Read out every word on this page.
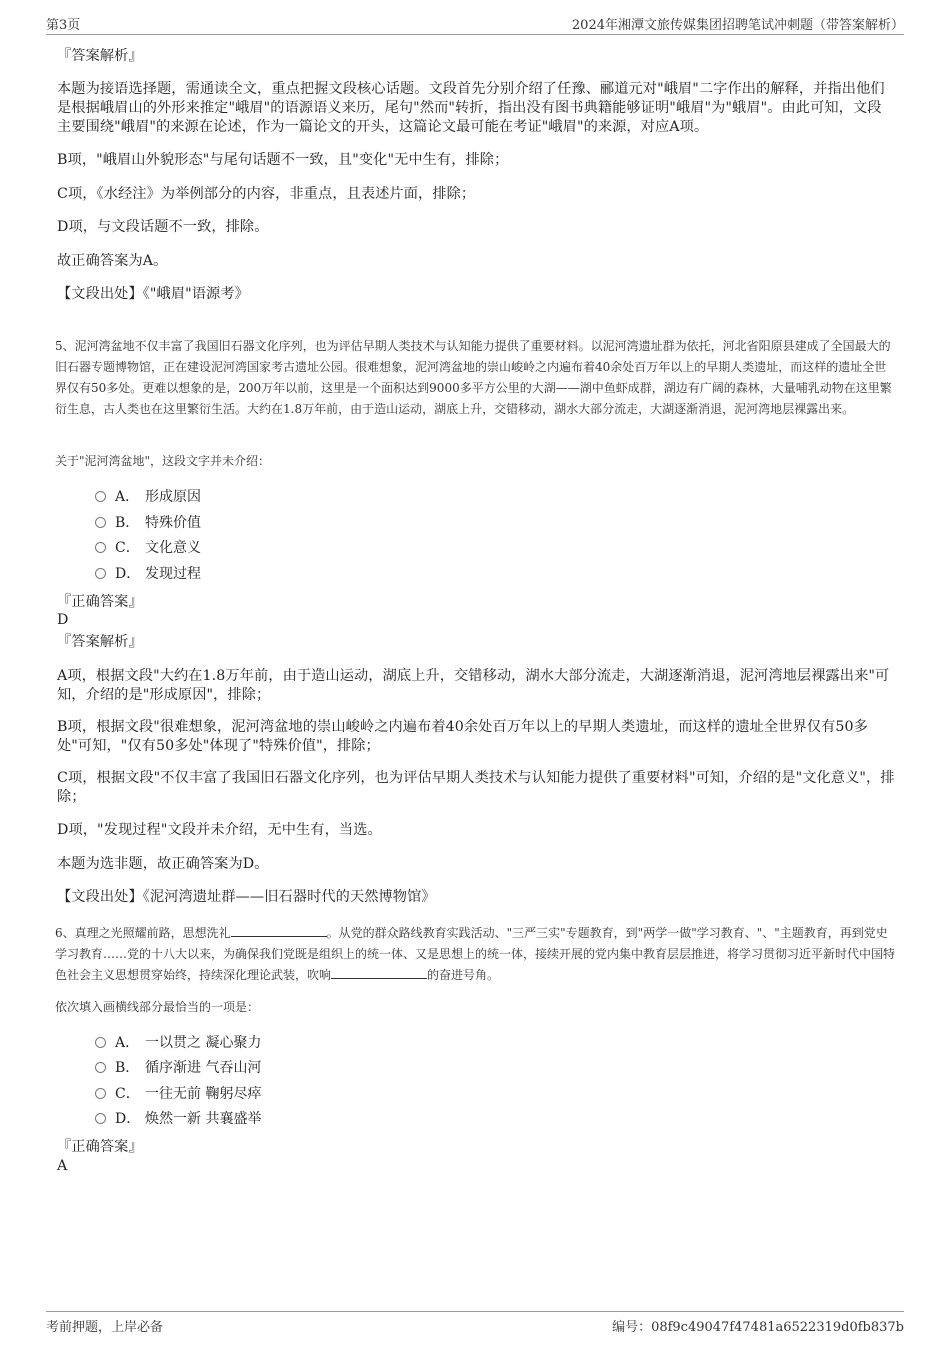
第3页	2024年湘潭文旅传媒集团招聘笔试冲刺题（带答案解析）

『答案解析』

本题为接语选择题，需通读全文，重点把握文段核心话题。文段首先分别介绍了任豫、郦道元对"峨眉"二字作出的解释，并指出他们是根据峨眉山的外形来推定"峨眉"的语源语义来历，尾句"然而"转折，指出没有图书典籍能够证明"峨眉"为"蛾眉"。由此可知，文段主要围绕"峨眉"的来源在论述，作为一篇论文的开头，这篇论文最可能在考证"峨眉"的来源，对应A项。

B项，"峨眉山外貌形态"与尾句话题不一致，且"变化"无中生有，排除；

C项，《水经注》为举例部分的内容，非重点，且表述片面，排除；

D项，与文段话题不一致，排除。

故正确答案为A。

【文段出处】《"峨眉"语源考》

5、泥河湾盆地不仅丰富了我国旧石器文化序列，也为评估早期人类技术与认知能力提供了重要材料。以泥河湾遗址群为依托，河北省阳原县建成了全国最大的旧石器专题博物馆，正在建设泥河湾国家考古遗址公园。很难想象，泥河湾盆地的崇山峻岭之内遍布着40余处百万年以上的早期人类遗址，而这样的遗址全世界仅有50多处。更难以想象的是，200万年以前，这里是一个面积达到9000多平方公里的大湖——湖中鱼虾成群，湖边有广阔的森林，大量哺乳动物在这里繁衍生息，古人类也在这里繁衍生活。大约在1.8万年前，由于造山运动，湖底上升，交错移动，湖水大部分流走，大湖逐渐消退，泥河湾地层裸露出来。

关于"泥河湾盆地"，这段文字并未介绍：

A． 形成原因
B． 特殊价值
C． 文化意义
D． 发现过程

『正确答案』

D

『答案解析』

A项，根据文段"大约在1.8万年前，由于造山运动，湖底上升，交错移动，湖水大部分流走，大湖逐渐消退，泥河湾地层裸露出来"可知，介绍的是"形成原因"，排除；

B项，根据文段"很难想象，泥河湾盆地的崇山峻岭之内遍布着40余处百万年以上的早期人类遗址，而这样的遗址全世界仅有50多处"可知，"仅有50多处"体现了"特殊价值"，排除；

C项，根据文段"不仅丰富了我国旧石器文化序列，也为评估早期人类技术与认知能力提供了重要材料"可知，介绍的是"文化意义"，排除；

D项，"发现过程"文段并未介绍，无中生有，当选。

本题为选非题，故正确答案为D。

【文段出处】《泥河湾遗址群——旧石器时代的天然博物馆》

6、真理之光照耀前路，思想洗礼	。从党的群众路线教育实践活动、"三严三实"专题教育，到"两学一做"学习教育、"、"主题教育，再到党史学习教育……党的十八大以来，为确保我们党既是组织上的统一体、又是思想上的统一体，接续开展的党内集中教育层层推进，将学习贯彻习近平新时代中国特色社会主义思想贯穿始终，持续深化理论武装，吹响	的奋进号角。

依次填入画横线部分最恰当的一项是：

A． 一以贯之 凝心聚力
B． 循序渐进 气吞山河
C． 一往无前 鞠躬尽瘁
D． 焕然一新 共襄盛举

『正确答案』

A

考前押题，上岸必备	编号：08f9c49047f47481a6522319d0fb837b
